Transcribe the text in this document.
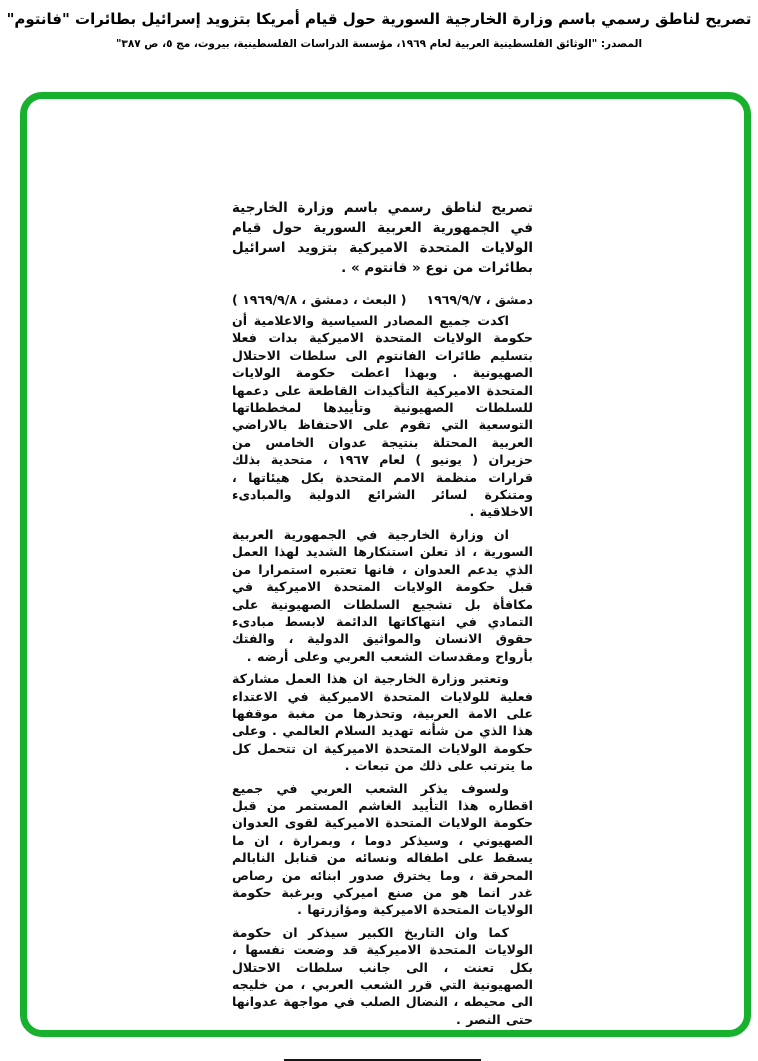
تصريح لناطق رسمي باسم وزارة الخارجية السورية حول قيام أمريكا بتزويد إسرائيل بطائرات "فانتوم"
المصدر: "الوثائق الفلسطينية العربية لعام ١٩٦٩، مؤسسة الدراسات الفلسطينية، بيروت، مج ٥، ص ٣٨٧"
تصريح لناطق رسمي باسم وزارة الخارجية في الجمهورية العربية السورية حول قيام الولايات المتحدة الاميركية بتزويد اسرائيل بطائرات من نوع « فانتوم » .
دمشق ، ١٩٦٩/٩/٧
( البعث ، دمشق ، ١٩٦٩/٩/٨ )

اكدت جميع المصادر السياسية والاعلامية أن حكومة الولايات المتحدة الاميركية بدات فعلا بتسليم طائرات الفانتوم الى سلطات الاحتلال الصهيونية . وبهذا اعطت حكومة الولايات المتحدة الاميركية التأكيدات القاطعة على دعمها للسلطات الصهيونية وتأييدها لمخططاتها التوسعية التي تقوم على الاحتفاظ بالاراضي العربية المحتلة بنتيجة عدوان الخامس من حزيران ( يونيو ) لعام ١٩٦٧ ، متحدية بذلك قرارات منظمة الامم المتحدة بكل هيئاتها ، ومتنكرة لسائر الشرائع الدولية والمبادىء الاخلاقية .

ان وزارة الخارجية في الجمهورية العربية السورية ، اذ تعلن استنكارها الشديد لهذا العمل الذي يدعم العدوان ، فانها تعتبره استمرارا من قبل حكومة الولايات المتحدة الاميركية في مكافأة بل تشجيع السلطات الصهيونية على التمادي في انتهاكاتها الدائمة لابسط مبادىء حقوق الانسان والمواثيق الدولية ، والفتك بأرواح ومقدسات الشعب العربي وعلى أرضه .

وتعتبر وزارة الخارجية ان هذا العمل مشاركة فعلية للولايات المتحدة الاميركية في الاعتداء على الامة العربية، وتحذرها من مغبة موقفها هذا الذي من شأنه تهديد السلام العالمي . وعلى حكومة الولايات المتحدة الاميركية ان تتحمل كل ما يترتب على ذلك من تبعات .

ولسوف يذكر الشعب العربي في جميع اقطاره هذا التأييد الغاشم المستمر من قبل حكومة الولايات المتحدة الاميركية لقوى العدوان الصهيوني ، وسيذكر دوما ، وبمرارة ، ان ما يسقط على اطفاله ونسائه من قنابل النابالم المحرقة ، وما يخترق صدور ابنائه من رصاص غدر انما هو من صنع اميركي وبرغبة حكومة الولايات المتحدة الاميركية ومؤازرتها .

كما وان التاريخ الكبير سيذكر ان حكومة الولايات المتحدة الاميركية قد وضعت نفسها ، بكل تعنت ، الى جانب سلطات الاحتلال الصهيونية التي قرر الشعب العربي ، من خليجه الى محيطه ، النضال الصلب في مواجهة عدوانها حتى النصر .
